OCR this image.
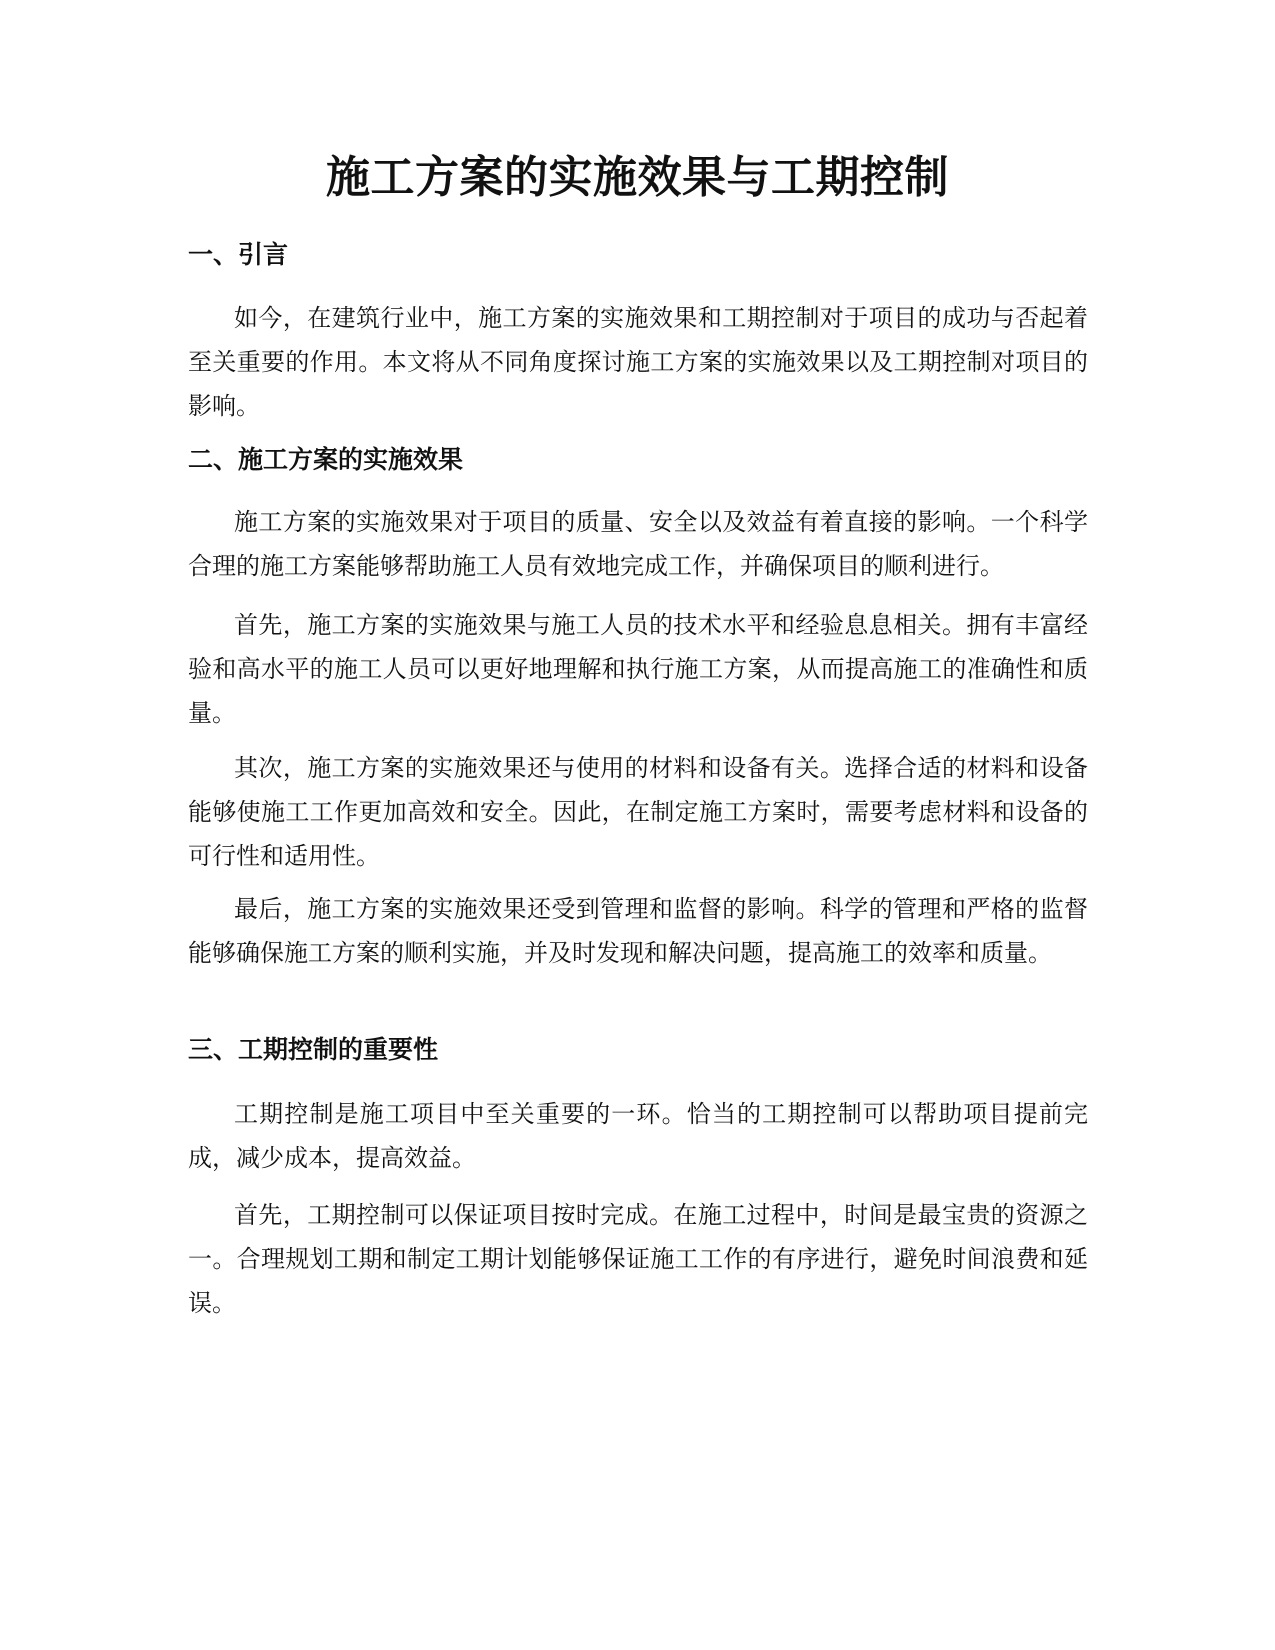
施工方案的实施效果与工期控制
一、引言

如今，在建筑行业中，施工方案的实施效果和工期控制对于项目的成功与否起着至关重要的作用。本文将从不同角度探讨施工方案的实施效果以及工期控制对项目的影响。

二、施工方案的实施效果

施工方案的实施效果对于项目的质量、安全以及效益有着直接的影响。一个科学合理的施工方案能够帮助施工人员有效地完成工作，并确保项目的顺利进行。

首先，施工方案的实施效果与施工人员的技术水平和经验息息相关。拥有丰富经验和高水平的施工人员可以更好地理解和执行施工方案，从而提高施工的准确性和质量。

其次，施工方案的实施效果还与使用的材料和设备有关。选择合适的材料和设备能够使施工工作更加高效和安全。因此，在制定施工方案时，需要考虑材料和设备的可行性和适用性。

最后，施工方案的实施效果还受到管理和监督的影响。科学的管理和严格的监督能够确保施工方案的顺利实施，并及时发现和解决问题，提高施工的效率和质量。

三、工期控制的重要性

工期控制是施工项目中至关重要的一环。恰当的工期控制可以帮助项目提前完成，减少成本，提高效益。

首先，工期控制可以保证项目按时完成。在施工过程中，时间是最宝贵的资源之一。合理规划工期和制定工期计划能够保证施工工作的有序进行，避免时间浪费和延误。
